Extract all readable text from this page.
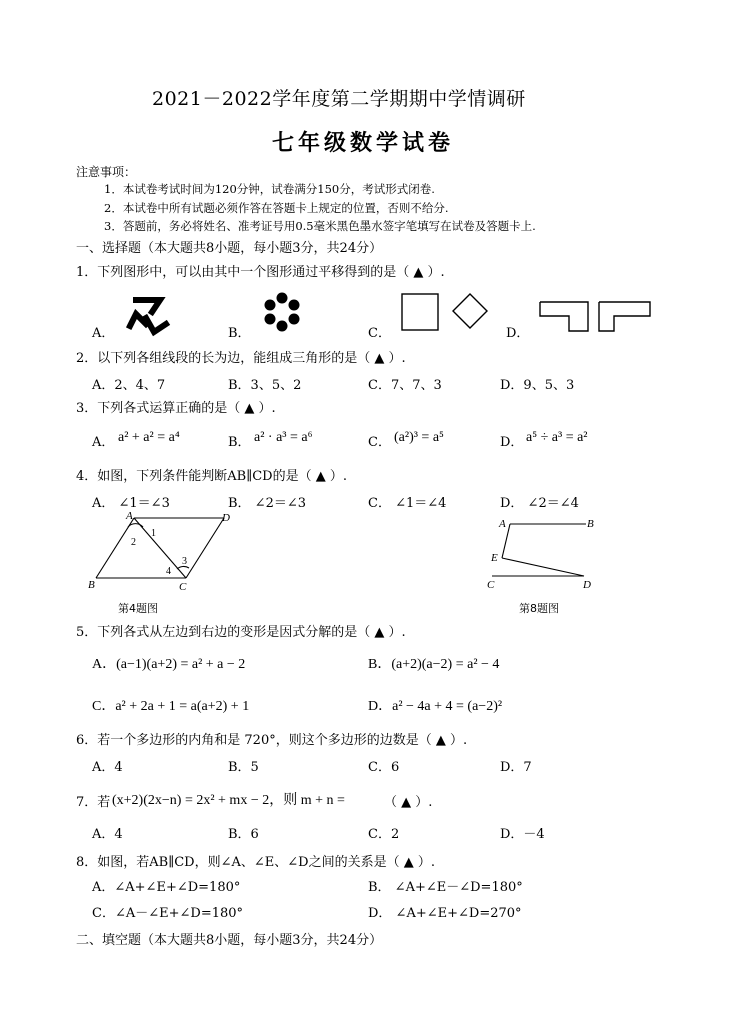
2021－2022学年度第二学期期中学情调研
七年级数学试卷
注意事项：
1．本试卷考试时间为120分钟，试卷满分150分，考试形式闭卷.
2．本试卷中所有试题必须作答在答题卡上规定的位置，否则不给分.
3．答题前，务必将姓名、准考证号用0.5毫米黑色墨水签字笔填写在试卷及答题卡上.
一、选择题（本大题共8小题，每小题3分，共24分）
1．下列图形中，可以由其中一个图形通过平移得到的是（ ▲ ）.
A．	B．	C．	D．
2．以下列各组线段的长为边，能组成三角形的是（ ▲ ）.
A．2、4、7	B．3、5、2	C．7、7、3	D．9、5、3
3．下列各式运算正确的是（ ▲ ）.
A． a² + a² = a⁴	B． a² · a³ = a⁶	C． (a²)³ = a⁵	D． a⁵ ÷ a³ = a²
4．如图，下列条件能判断AB∥CD的是（ ▲ ）.
A． ∠1＝∠3	B． ∠2＝∠3	C． ∠1＝∠4	D． ∠2＝∠4
A	D
B	C
1
2
3
4
第4题图
A	B
E
C	D
第8题图
5．下列各式从左边到右边的变形是因式分解的是（ ▲ ）.
A．(a−1)(a+2) = a² + a − 2	B．(a+2)(a−2) = a² − 4
C．a² + 2a + 1 = a(a+2) + 1	D．a² − 4a + 4 = (a−2)²
6．若一个多边形的内角和是 720°，则这个多边形的边数是（ ▲ ）.
A．4	B．5	C．6	D．7
7．若 (x+2)(2x−n) = 2x² + mx − 2，则 m + n =	（ ▲ ）.
A．4	B．6	C．2	D．－4
8．如图，若AB∥CD，则∠A、∠E、∠D之间的关系是（ ▲ ）.
A．∠A+∠E+∠D=180°	B． ∠A+∠E－∠D=180°
C．∠A－∠E+∠D=180°	D． ∠A+∠E+∠D=270°
二、填空题（本大题共8小题，每小题3分，共24分）
